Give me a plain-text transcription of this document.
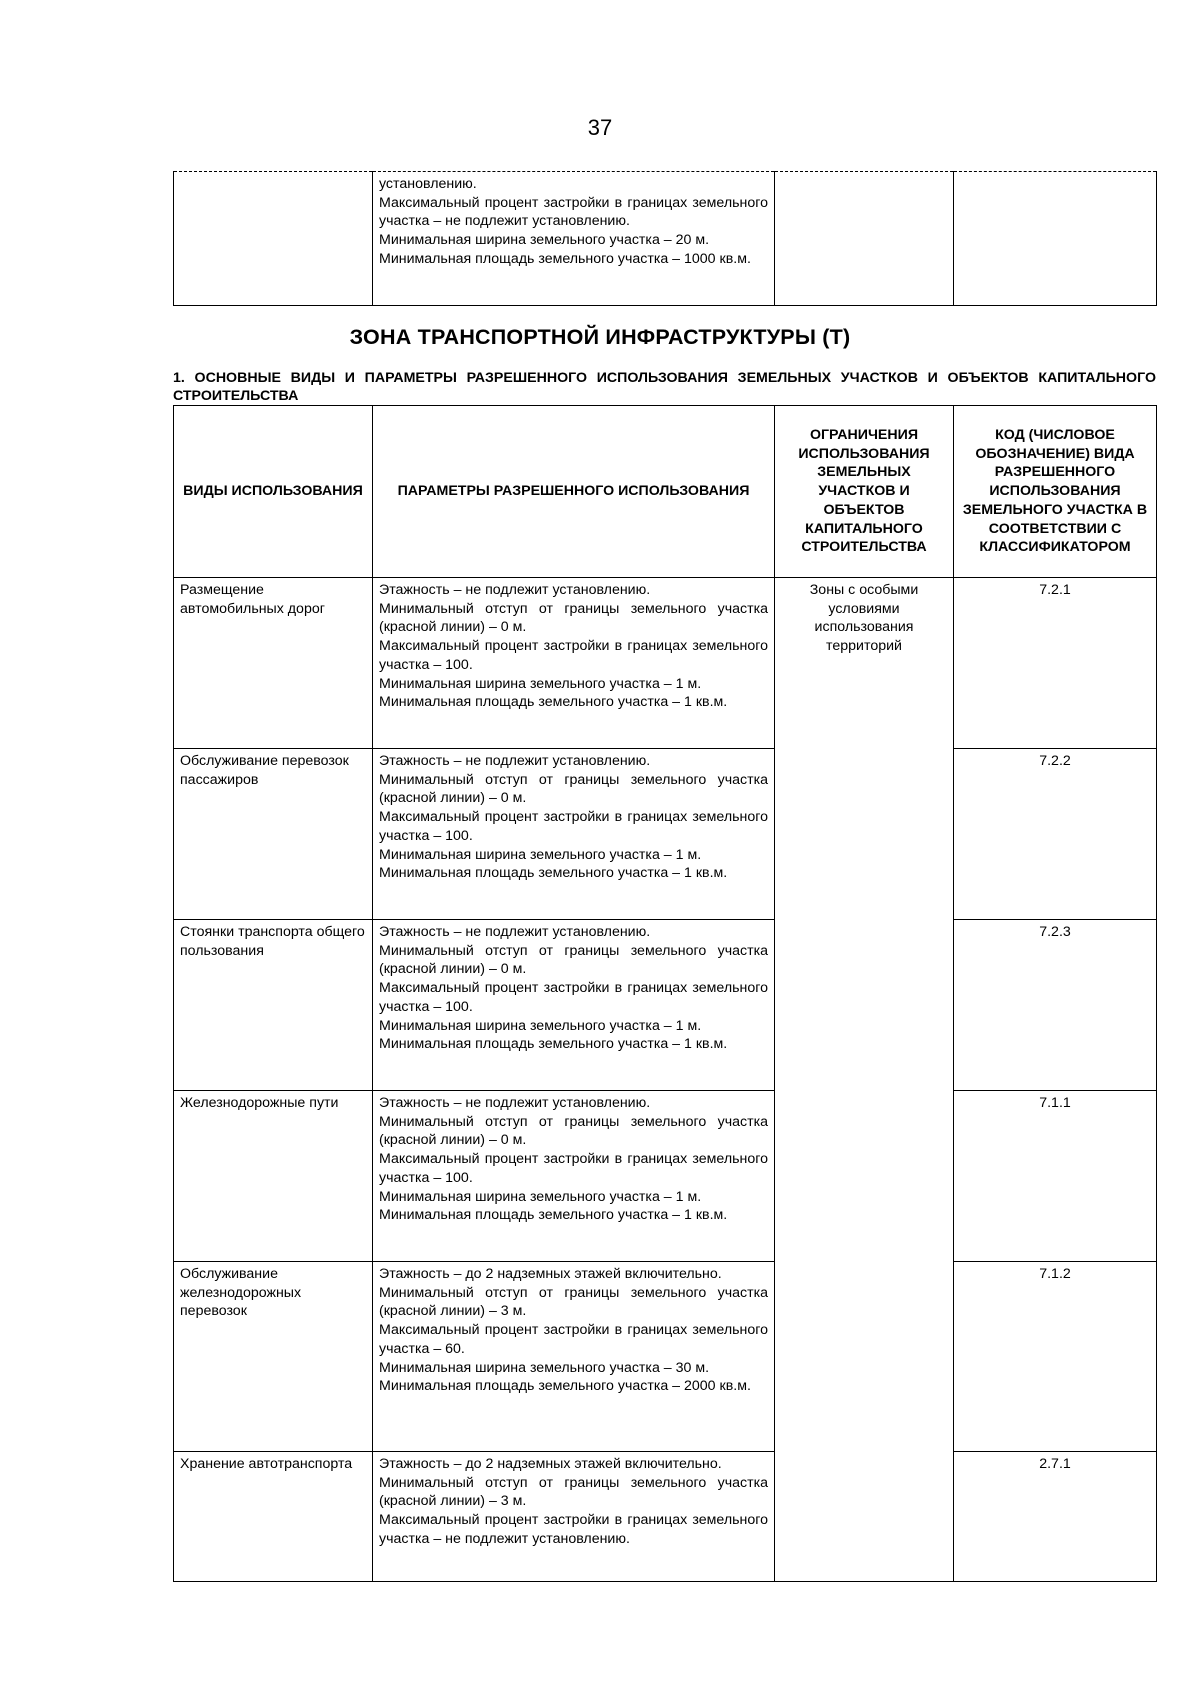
37

установлению.
Максимальный процент застройки в границах земельного участка – не подлежит установлению.
Минимальная ширина земельного участка – 20 м.
Минимальная площадь земельного участка – 1000 кв.м.

ЗОНА ТРАНСПОРТНОЙ ИНФРАСТРУКТУРЫ (Т)
1. ОСНОВНЫЕ ВИДЫ И ПАРАМЕТРЫ РАЗРЕШЕННОГО ИСПОЛЬЗОВАНИЯ ЗЕМЕЛЬНЫХ УЧАСТКОВ И ОБЪЕКТОВ КАПИТАЛЬНОГО СТРОИТЕЛЬСТВА
ВИДЫ ИСПОЛЬЗОВАНИЯ	ПАРАМЕТРЫ РАЗРЕШЕННОГО ИСПОЛЬЗОВАНИЯ	ОГРАНИЧЕНИЯ ИСПОЛЬЗОВАНИЯ ЗЕМЕЛЬНЫХ УЧАСТКОВ И ОБЪЕКТОВ КАПИТАЛЬНОГО СТРОИТЕЛЬСТВА	КОД (ЧИСЛОВОЕ ОБОЗНАЧЕНИЕ) ВИДА РАЗРЕШЕННОГО ИСПОЛЬЗОВАНИЯ ЗЕМЕЛЬНОГО УЧАСТКА В СООТВЕТСТВИИ С КЛАССИФИКАТОРОМ
Размещение автомобильных дорог	Этажность – не подлежит установлению.
Минимальный отступ от границы земельного участка (красной линии) – 0 м.
Максимальный процент застройки в границах земельного участка – 100.
Минимальная ширина земельного участка – 1 м.
Минимальная площадь земельного участка – 1 кв.м.	Зоны с особыми условиями использования территорий	7.2.1
Обслуживание перевозок пассажиров	Этажность – не подлежит установлению.
Минимальный отступ от границы земельного участка (красной линии) – 0 м.
Максимальный процент застройки в границах земельного участка – 100.
Минимальная ширина земельного участка – 1 м.
Минимальная площадь земельного участка – 1 кв.м.		7.2.2
Стоянки транспорта общего пользования	Этажность – не подлежит установлению.
Минимальный отступ от границы земельного участка (красной линии) – 0 м.
Максимальный процент застройки в границах земельного участка – 100.
Минимальная ширина земельного участка – 1 м.
Минимальная площадь земельного участка – 1 кв.м.		7.2.3
Железнодорожные пути	Этажность – не подлежит установлению.
Минимальный отступ от границы земельного участка (красной линии) – 0 м.
Максимальный процент застройки в границах земельного участка – 100.
Минимальная ширина земельного участка – 1 м.
Минимальная площадь земельного участка – 1 кв.м.		7.1.1
Обслуживание железнодорожных перевозок	Этажность – до 2 надземных этажей включительно.
Минимальный отступ от границы земельного участка (красной линии) – 3 м.
Максимальный процент застройки в границах земельного участка – 60.
Минимальная ширина земельного участка – 30 м.
Минимальная площадь земельного участка – 2000 кв.м.		7.1.2
Хранение автотранспорта	Этажность – до 2 надземных этажей включительно.
Минимальный отступ от границы земельного участка (красной линии) – 3 м.
Максимальный процент застройки в границах земельного участка – не подлежит установлению.		2.7.1
